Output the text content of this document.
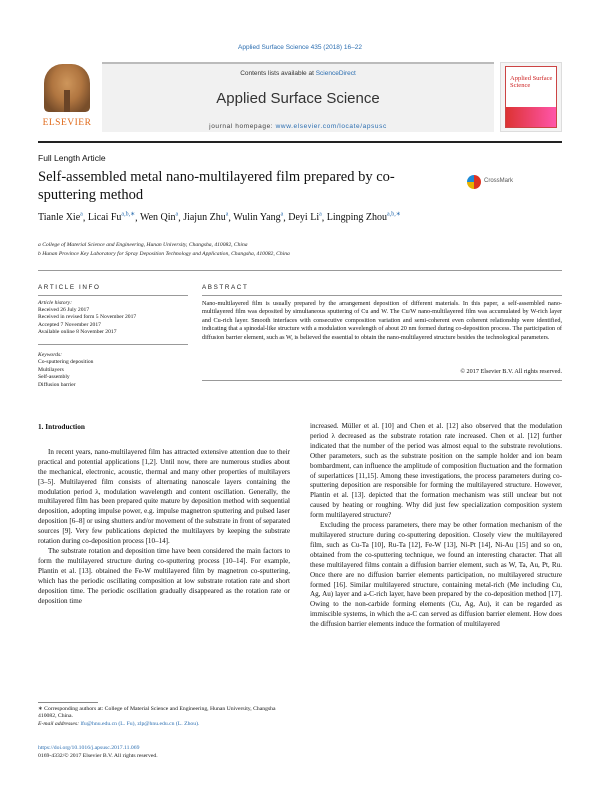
Applied Surface Science 435 (2018) 16–22
ELSEVIER
Contents lists available at ScienceDirect
Applied Surface Science
journal homepage: www.elsevier.com/locate/apsusc
Applied Surface Science
Full Length Article
Self-assembled metal nano-multilayered film prepared by co-sputtering method
CrossMark
Tianle Xie$^a$, Licai $Fu^{a,b,∗}$, Wen Qin$^a$, Jiajun Zhu$^a$, Wulin Yang$^a$, Deyi Li$^a$, Lingping Zhou$^{a,b,∗}$
a College of Material Science and Engineering, Hunan University, Changsha, 410082, China
b Hunan Province Key Laboratory for Spray Deposition Technology and Application, Changsha, 410082, China
ARTICLE INFO	ABSTRACT
Article history:
Received 26 July 2017
Received in revised form 5 November 2017
Accepted 7 November 2017
Available online 8 November 2017
Keywords:
Co-sputtering deposition
Multilayers
Self-assembly
Diffusion barrier
Nano-multilayered film is usually prepared by the arrangement deposition of different materials. In this paper, a self-assembled nano-multilayered film was deposited by simultaneous sputtering of Cu and W. The Cu/W nano-multilayered film was accumulated by W-rich layer and Cu-rich layer. Smooth interfaces with consecutive composition variation and semi-coherent even coherent relationship were identified, indicating that a spinodal-like structure with a modulation wavelength of about 20 nm formed during co-deposition process. The participation of diffusion barrier element, such as W, is believed the essential to obtain the nano-multilayered structure besides the technological parameters.
© 2017 Elsevier B.V. All rights reserved.
1. Introduction

In recent years, nano-multilayered film has attracted extensive attention due to their practical and potential applications [1,2]. Until now, there are numerous studies about the mechanical, electronic, acoustic, thermal and many other properties of multilayers [3–5]. Multilayered film consists of alternating nanoscale layers containing the modulation period λ, modulation wavelength and content oscillation. Generally, the multilayered film has been prepared quite mature by deposition method with sequential deposition, adopting impulse power, e.g. impulse magnetron sputtering and pulsed laser deposition [6–8] or using shutters and/or movement of the substrate in front of separated sources [9]. Very few publications depicted the multilayers by keeping the substrate rotation during co-deposition process [10–14].

The substrate rotation and deposition time have been considered the main factors to form the multilayered structure during co-sputtering process [10–14]. For example, Plantin et al. [13]. obtained the Fe-W multilayered film by magnetron co-sputtering, which has the periodic oscillating composition at low substrate rotation rate and short deposition time. The periodic oscillation gradually disappeared as the rotation rate or deposition time

increased. Müller et al. [10] and Chen et al. [12] also observed that the modulation period λ decreased as the substrate rotation rate increased. Chen et al. [12] further indicated that the number of the period was almost equal to the substrate revolutions. Other parameters, such as the substrate position on the sample holder and ion beam bombardment, can influence the amplitude of composition fluctuation and the formation of superlattices [11,15]. Among these investigations, the process parameters during co-sputtering deposition are responsible for forming the multilayered structure. However, Plantin et al. [13]. depicted that the formation mechanism was still unclear but not caused by heating or roughing. Why did just few specialization composition system form multilayered structure?

Excluding the process parameters, there may be other formation mechanism of the multilayered structure during co-sputtering deposition. Closely view the multilayered film, such as Cu-Ta [10], Ru-Ta [12], Fe-W [13], Ni-Pt [14], Ni-Au [15] and so on, obtained from the co-sputtering technique, we found an interesting character. That all these multilayered films contain a diffusion barrier element, such as W, Ta, Au, Pt, Ru. Once there are no diffusion barrier elements participation, no multilayered structure formed [16]. Similar multilayered structure, containing metal-rich (Me including Cu, Ag, Au) layer and a-C-rich layer, have been prepared by the co-deposition method [17]. Owing to the non-carbide forming elements (Cu, Ag, Au), it can be regarded as immiscible systems, in which the a-C can served as diffusion barrier element. How does the diffusion barrier elements induce the formation of multilayered

∗ Corresponding authors at: College of Material Science and Engineering, Hunan University, Changsha 410082, China.
E-mail addresses: lfu@hnu.edu.cn (L. Fu), zlp@hnu.edu.cn (L. Zhou).
https://doi.org/10.1016/j.apsusc.2017.11.069
0169-4332/© 2017 Elsevier B.V. All rights reserved.
